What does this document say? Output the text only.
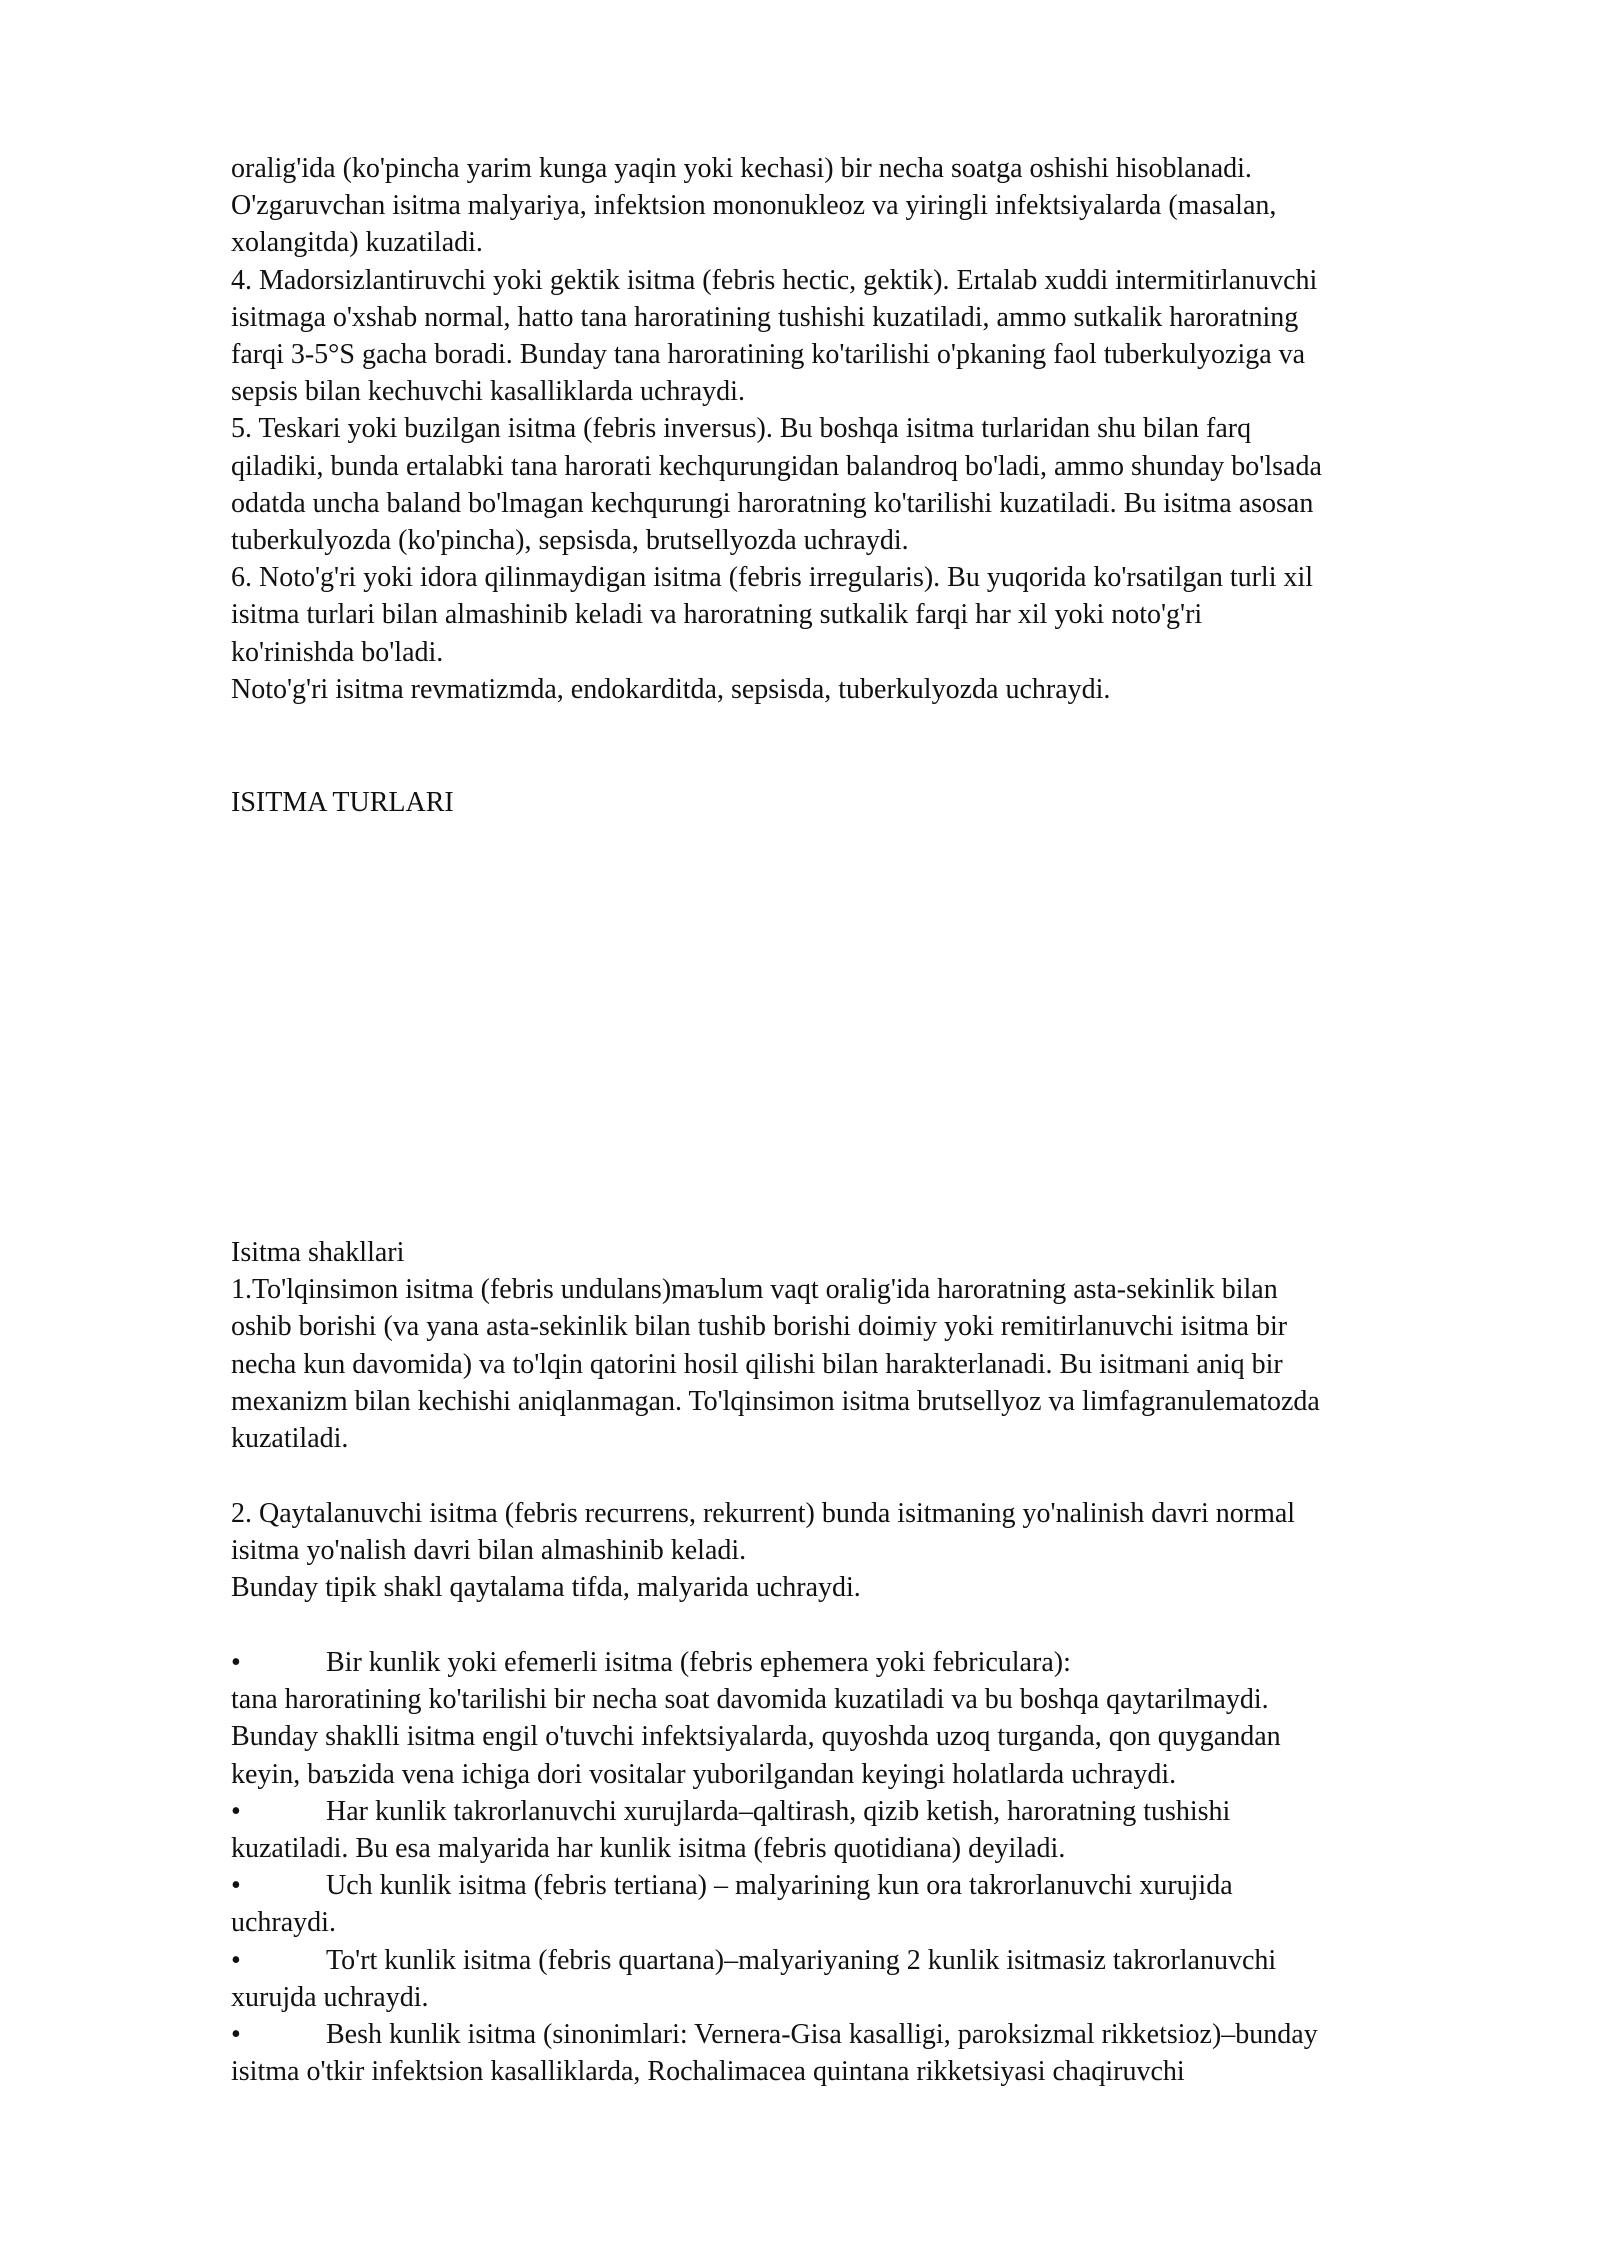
oralig'ida (ko'pincha yarim kunga yaqin yoki kechasi) bir necha soatga oshishi hisoblanadi.

O'zgaruvchan isitma malyariya, infektsion mononukleoz va yiringli infektsiyalarda (masalan,

xolangitda) kuzatiladi.

4. Madorsizlantiruvchi yoki gektik isitma (febris hectic, gektik). Ertalab xuddi intermitirlanuvchi

isitmaga o'xshab normal, hatto tana haroratining tushishi kuzatiladi, ammo sutkalik haroratning

farqi 3-5°S gacha boradi. Bunday tana haroratining ko'tarilishi o'pkaning faol tuberkulyoziga va

sepsis bilan kechuvchi kasalliklarda uchraydi.

5. Teskari yoki buzilgan isitma (febris inversus). Bu boshqa isitma turlaridan shu bilan farq

qiladiki, bunda ertalabki tana harorati kechqurungidan balandroq bo'ladi, ammo shunday bo'lsada

odatda uncha baland bo'lmagan kechqurungi haroratning ko'tarilishi kuzatiladi. Bu isitma asosan

tuberkulyozda (ko'pincha), sepsisda, brutsellyozda uchraydi.

6. Noto'g'ri yoki idora qilinmaydigan isitma (febris irregularis). Bu yuqorida ko'rsatilgan turli xil

isitma turlari bilan almashinib keladi va haroratning sutkalik farqi har xil yoki noto'g'ri

ko'rinishda bo'ladi.

Noto'g'ri isitma revmatizmda, endokarditda, sepsisda, tuberkulyozda uchraydi.

ISITMA TURLARI

Isitma shakllari

1.To'lqinsimon isitma (febris undulans)maъlum vaqt oralig'ida haroratning asta-sekinlik bilan

oshib borishi (va yana asta-sekinlik bilan tushib borishi doimiy yoki remitirlanuvchi isitma bir

necha kun davomida) va to'lqin qatorini hosil qilishi bilan harakterlanadi. Bu isitmani aniq bir

mexanizm bilan kechishi aniqlanmagan. To'lqinsimon isitma brutsellyoz va limfagranulematozda

kuzatiladi.

2. Qaytalanuvchi isitma (febris recurrens, rekurrent) bunda isitmaning yo'nalinish davri normal

isitma yo'nalish davri bilan almashinib keladi.

Bunday tipik shakl qaytalama tifda, malyarida uchraydi.

•	Bir kunlik yoki efemerli isitma (febris ephemera yoki febriculara):

tana haroratining ko'tarilishi bir necha soat davomida kuzatiladi va bu boshqa qaytarilmaydi.

Bunday shaklli isitma engil o'tuvchi infektsiyalarda, quyoshda uzoq turganda, qon quygandan

keyin, baъzida vena ichiga dori vositalar yuborilgandan keyingi holatlarda uchraydi.

•	Har kunlik takrorlanuvchi xurujlarda–qaltirash, qizib ketish, haroratning tushishi

kuzatiladi. Bu esa malyarida har kunlik isitma (febris quotidiana) deyiladi.

•	Uch kunlik isitma (febris tertiana) – malyarining kun ora takrorlanuvchi xurujida

uchraydi.

•	To'rt kunlik isitma (febris quartana)–malyariyaning 2 kunlik isitmasiz takrorlanuvchi

xurujda uchraydi.

•	Besh kunlik isitma (sinonimlari: Vernera-Gisa kasalligi, paroksizmal rikketsioz)–bunday

isitma o'tkir infektsion kasalliklarda, Rochalimacea quintana rikketsiyasi chaqiruvchi
